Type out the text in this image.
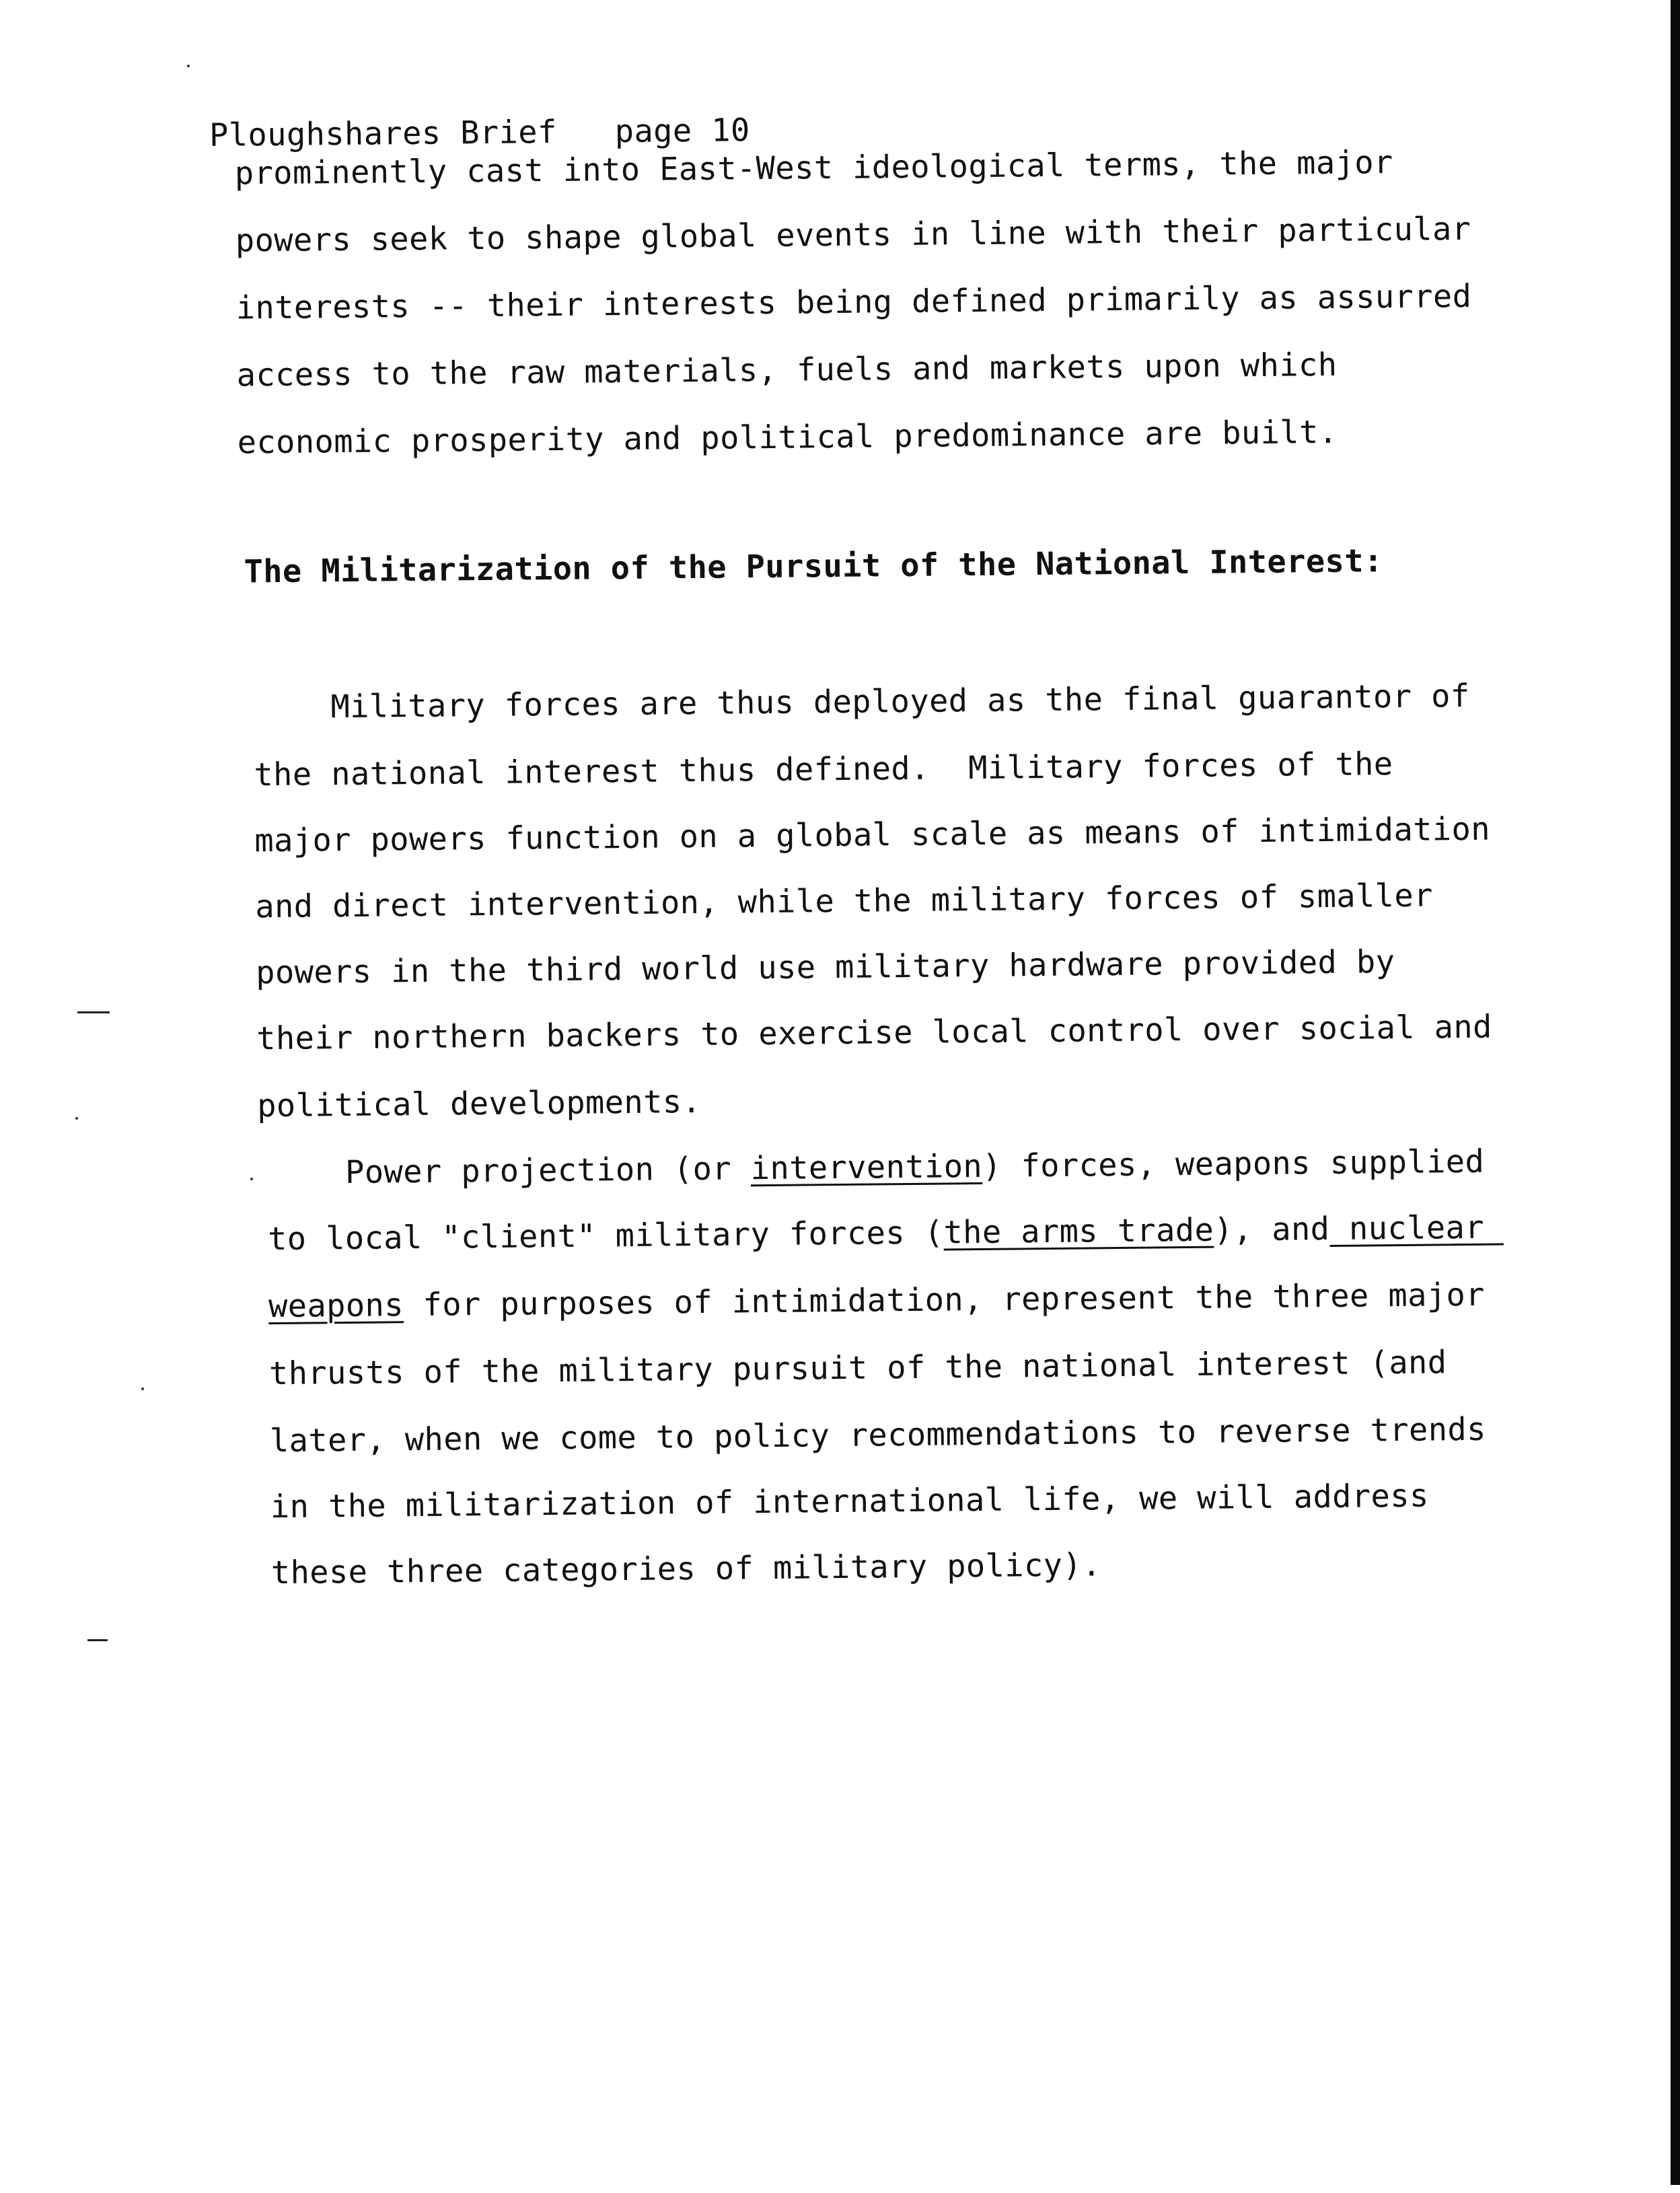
Ploughshares Brief page 10

prominently cast into East-West ideological terms, the major
powers seek to shape global events in line with their particular
interests -- their interests being defined primarily as assurred
access to the raw materials, fuels and markets upon which
economic prosperity and political predominance are built.
The Militarization of the Pursuit of the National Interest:
Military forces are thus deployed as the final guarantor of
the national interest thus defined.  Military forces of the
major powers function on a global scale as means of intimidation
and direct intervention, while the military forces of smaller
powers in the third world use military hardware provided by
their northern backers to exercise local control over social and
political developments.
Power projection (or intervention) forces, weapons supplied
to local "client" military forces (the arms trade), and nuclear
weapons for purposes of intimidation, represent the three major
thrusts of the military pursuit of the national interest (and
later, when we come to policy recommendations to reverse trends
in the militarization of international life, we will address
these three categories of military policy).
